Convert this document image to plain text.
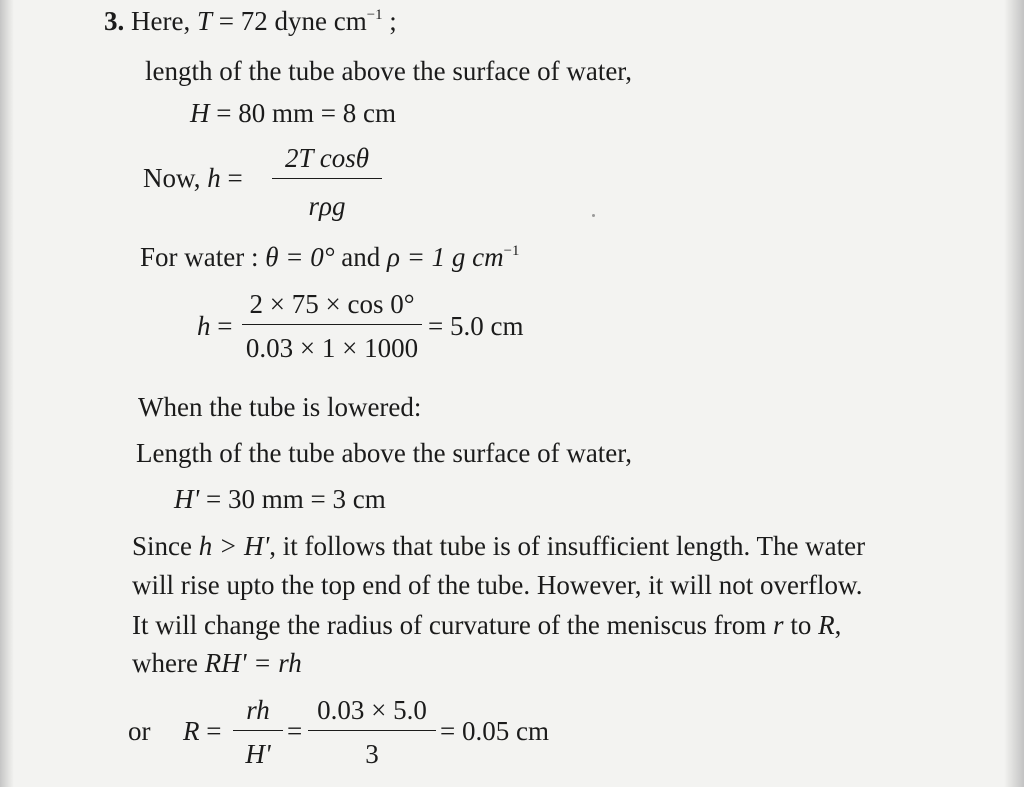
3. Here, T = 72 dyne $cm^{-1}$ ;
length of the tube above the surface of water,
H = 80 mm = 8 cm
Now, h =
2T cosθ
rρg
For water : θ = 0° and ρ = 1 g $cm^{-1}$
h =
2 × 75 × cos 0°
0.03 × 1 × 1000
= 5.0 cm
When the tube is lowered:
Length of the tube above the surface of water,
H' = 30 mm = 3 cm
Since h > H', it follows that tube is of insufficient length. The water
will rise upto the top end of the tube. However, it will not overflow.
It will change the radius of curvature of the meniscus from r to R,
where RH' = rh
or R =
rh
H'
=
0.03 × 5.0
3
= 0.05 cm
